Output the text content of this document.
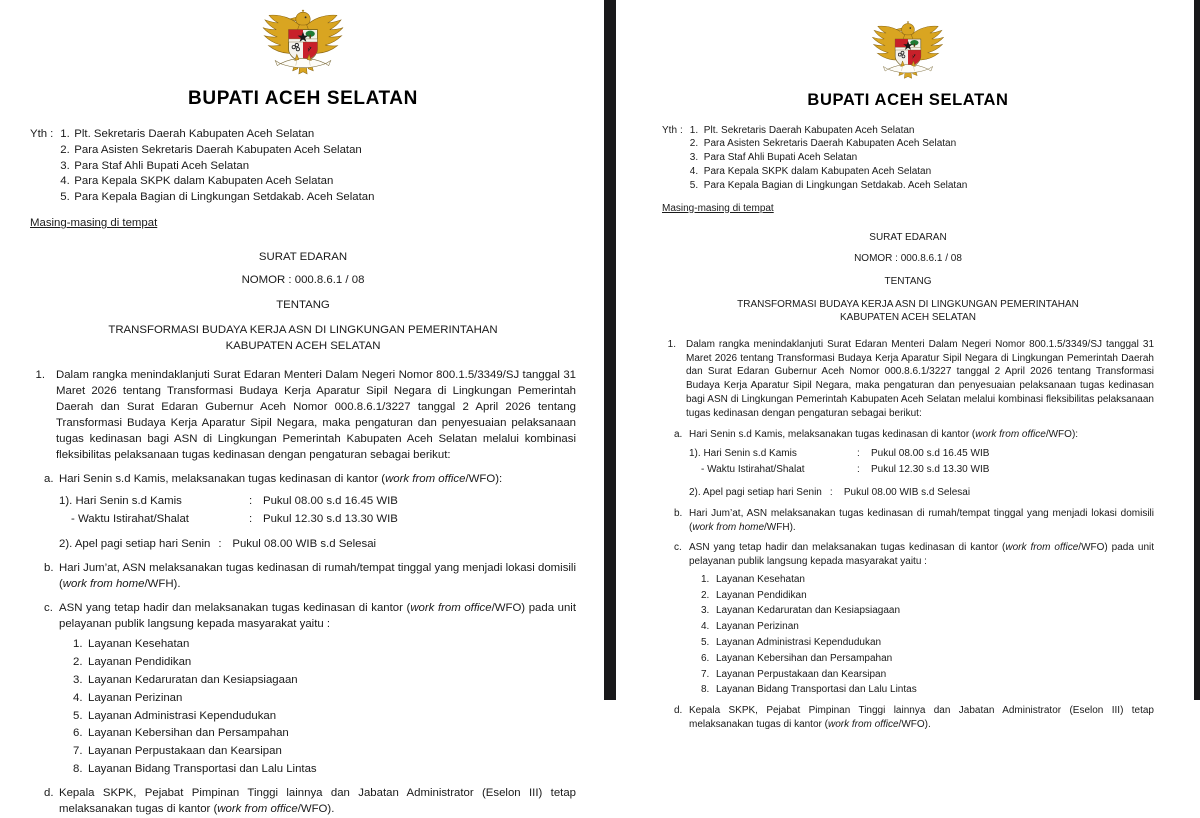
BUPATI ACEH SELATAN
Yth : 1. Plt. Sekretaris Daerah Kabupaten Aceh Selatan
2. Para Asisten Sekretaris Daerah Kabupaten Aceh Selatan
3. Para Staf Ahli Bupati Aceh Selatan
4. Para Kepala SKPK dalam Kabupaten Aceh Selatan
5. Para Kepala Bagian di Lingkungan Setdakab. Aceh Selatan
Masing-masing di tempat
SURAT EDARAN
NOMOR : 000.8.6.1 / 08
TENTANG
TRANSFORMASI BUDAYA KERJA ASN DI LINGKUNGAN PEMERINTAHAN
KABUPATEN ACEH SELATAN
1. Dalam rangka menindaklanjuti Surat Edaran Menteri Dalam Negeri Nomor 800.1.5/3349/SJ tanggal 31 Maret 2026 tentang Transformasi Budaya Kerja Aparatur Sipil Negara di Lingkungan Pemerintah Daerah dan Surat Edaran Gubernur Aceh Nomor 000.8.6.1/3227 tanggal 2 April 2026 tentang Transformasi Budaya Kerja Aparatur Sipil Negara, maka pengaturan dan penyesuaian pelaksanaan tugas kedinasan bagi ASN di Lingkungan Pemerintah Kabupaten Aceh Selatan melalui kombinasi fleksibilitas pelaksanaan tugas kedinasan dengan pengaturan sebagai berikut:
a. Hari Senin s.d Kamis, melaksanakan tugas kedinasan di kantor (work from office/WFO):
1). Hari Senin s.d Kamis	: Pukul 08.00 s.d 16.45 WIB
- Waktu Istirahat/Shalat	: Pukul 12.30 s.d 13.30 WIB
2). Apel pagi setiap hari Senin : Pukul 08.00 WIB s.d Selesai
b. Hari Jum’at, ASN melaksanakan tugas kedinasan di rumah/tempat tinggal yang menjadi lokasi domisili (work from home/WFH).
c. ASN yang tetap hadir dan melaksanakan tugas kedinasan di kantor (work from office/WFO) pada unit pelayanan publik langsung kepada masyarakat yaitu :
1. Layanan Kesehatan
2. Layanan Pendidikan
3. Layanan Kedaruratan dan Kesiapsiagaan
4. Layanan Perizinan
5. Layanan Administrasi Kependudukan
6. Layanan Kebersihan dan Persampahan
7. Layanan Perpustakaan dan Kearsipan
8. Layanan Bidang Transportasi dan Lalu Lintas
d. Kepala SKPK, Pejabat Pimpinan Tinggi lainnya dan Jabatan Administrator (Eselon III) tetap melaksanakan tugas di kantor (work from office/WFO).
BUPATI ACEH SELATAN
Yth : 1. Plt. Sekretaris Daerah Kabupaten Aceh Selatan
2. Para Asisten Sekretaris Daerah Kabupaten Aceh Selatan
3. Para Staf Ahli Bupati Aceh Selatan
4. Para Kepala SKPK dalam Kabupaten Aceh Selatan
5. Para Kepala Bagian di Lingkungan Setdakab. Aceh Selatan
Masing-masing di tempat
SURAT EDARAN
NOMOR : 000.8.6.1 / 08
TENTANG
TRANSFORMASI BUDAYA KERJA ASN DI LINGKUNGAN PEMERINTAHAN
KABUPATEN ACEH SELATAN
1.	Dalam rangka menindaklanjuti Surat Edaran Menteri Dalam Negeri Nomor 800.1.5/3349/SJ tanggal 31 Maret 2026 tentang Transformasi Budaya Kerja Aparatur Sipil Negara di Lingkungan Pemerintah Daerah dan Surat Edaran Gubernur Aceh Nomor 000.8.6.1/3227 tanggal 2 April 2026 tentang Transformasi Budaya Kerja Aparatur Sipil Negara, maka pengaturan dan penyesuaian pelaksanaan tugas kedinasan bagi ASN di Lingkungan Pemerintah Kabupaten Aceh Selatan melalui kombinasi fleksibilitas pelaksanaan tugas kedinasan dengan pengaturan sebagai berikut:
a. Hari Senin s.d Kamis, melaksanakan tugas kedinasan di kantor (work from office/WFO):
1). Hari Senin s.d Kamis	:	Pukul 08.00 s.d 16.45 WIB
- Waktu Istirahat/Shalat	:	Pukul 12.30 s.d 13.30 WIB
2). Apel pagi setiap hari Senin :	Pukul 08.00 WIB s.d Selesai
b. Hari Jum’at, ASN melaksanakan tugas kedinasan di rumah/tempat tinggal yang menjadi lokasi domisili (work from home/WFH).
c. ASN yang tetap hadir dan melaksanakan tugas kedinasan di kantor (work from office/WFO) pada unit pelayanan publik langsung kepada masyarakat yaitu :
1. Layanan Kesehatan
2. Layanan Pendidikan
3. Layanan Kedaruratan dan Kesiapsiagaan
4. Layanan Perizinan
5. Layanan Administrasi Kependudukan
6. Layanan Kebersihan dan Persampahan
7. Layanan Perpustakaan dan Kearsipan
8. Layanan Bidang Transportasi dan Lalu Lintas
d. Kepala SKPK, Pejabat Pimpinan Tinggi lainnya dan Jabatan Administrator (Eselon III) tetap melaksanakan tugas di kantor (work from office/WFO).
